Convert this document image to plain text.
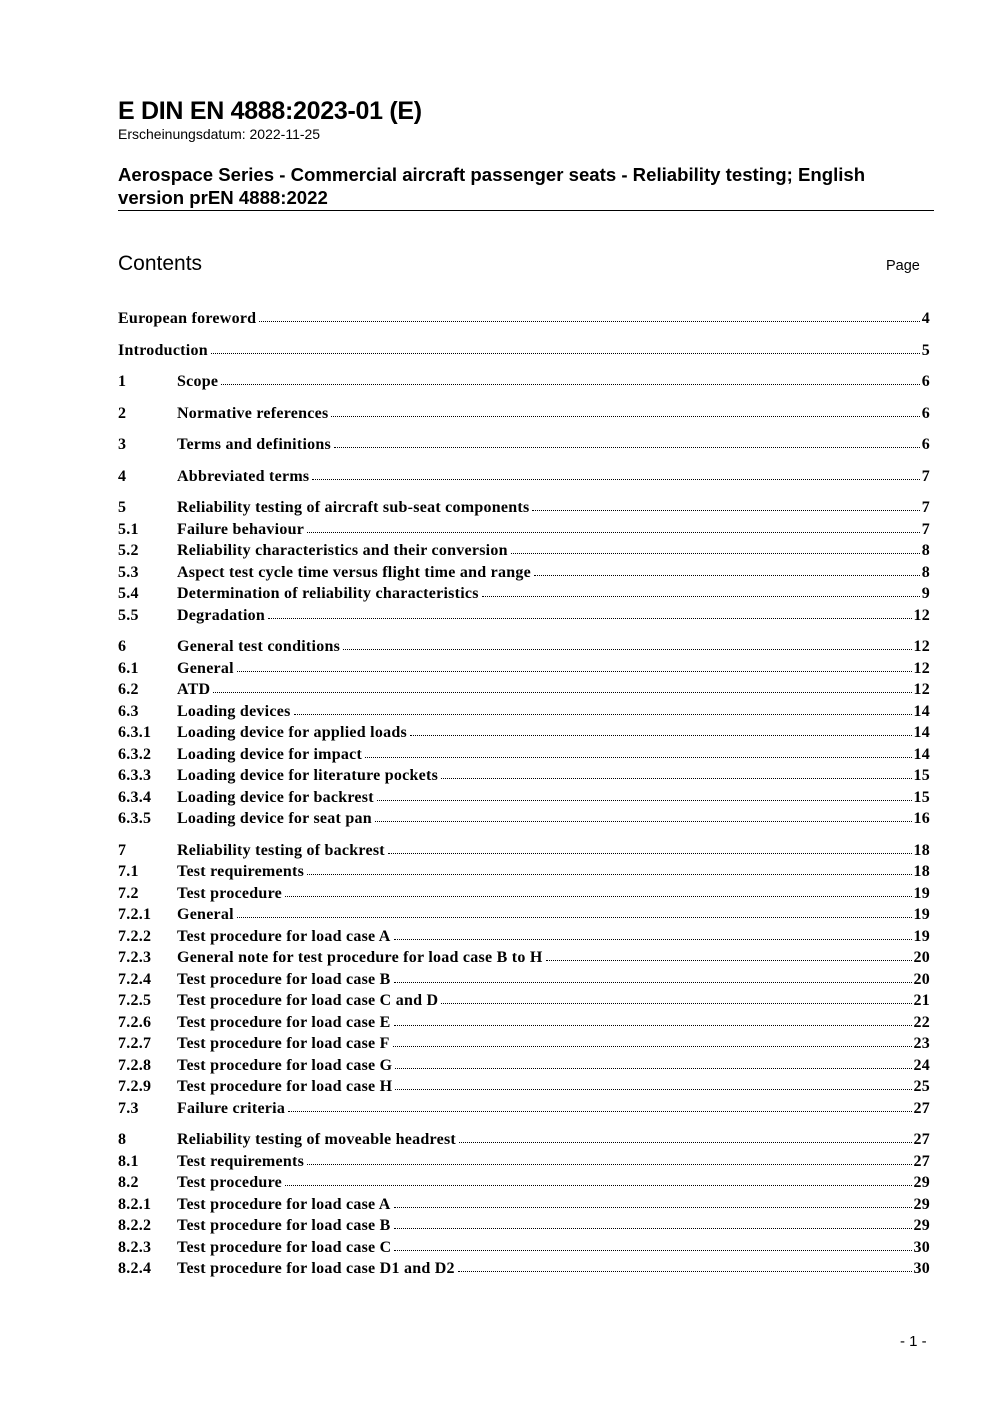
E DIN EN 4888:2023-01 (E)
Erscheinungsdatum: 2022-11-25
Aerospace Series - Commercial aircraft passenger seats - Reliability testing; English version prEN 4888:2022
Contents	Page
European foreword	4
Introduction	5
1	Scope	6
2	Normative references	6
3	Terms and definitions	6
4	Abbreviated terms	7
5	Reliability testing of aircraft sub-seat components	7
5.1	Failure behaviour	7
5.2	Reliability characteristics and their conversion	8
5.3	Aspect test cycle time versus flight time and range	8
5.4	Determination of reliability characteristics	9
5.5	Degradation	12
6	General test conditions	12
6.1	General	12
6.2	ATD	12
6.3	Loading devices	14
6.3.1	Loading device for applied loads	14
6.3.2	Loading device for impact	14
6.3.3	Loading device for literature pockets	15
6.3.4	Loading device for backrest	15
6.3.5	Loading device for seat pan	16
7	Reliability testing of backrest	18
7.1	Test requirements	18
7.2	Test procedure	19
7.2.1	General	19
7.2.2	Test procedure for load case A	19
7.2.3	General note for test procedure for load case B to H	20
7.2.4	Test procedure for load case B	20
7.2.5	Test procedure for load case C and D	21
7.2.6	Test procedure for load case E	22
7.2.7	Test procedure for load case F	23
7.2.8	Test procedure for load case G	24
7.2.9	Test procedure for load case H	25
7.3	Failure criteria	27
8	Reliability testing of moveable headrest	27
8.1	Test requirements	27
8.2	Test procedure	29
8.2.1	Test procedure for load case A	29
8.2.2	Test procedure for load case B	29
8.2.3	Test procedure for load case C	30
8.2.4	Test procedure for load case D1 and D2	30
- 1 -
